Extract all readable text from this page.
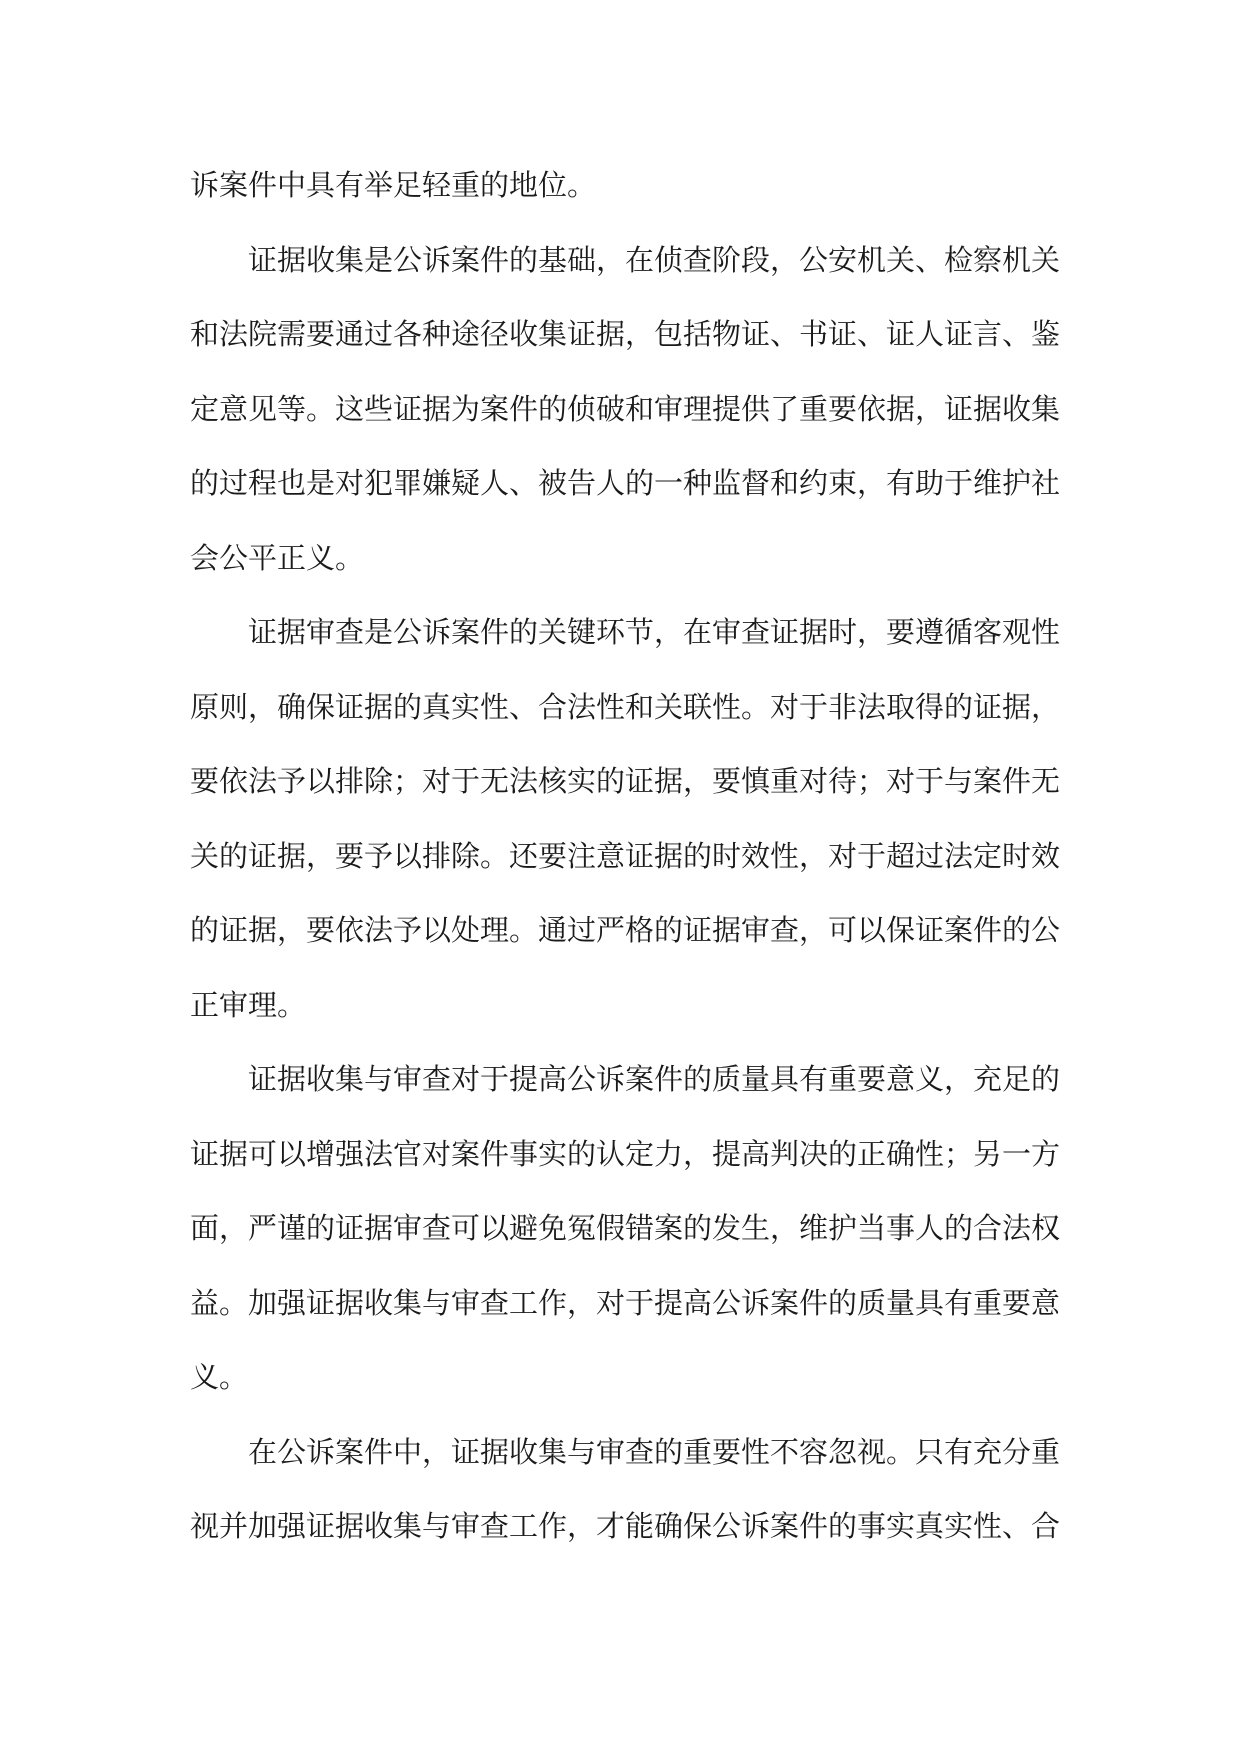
诉案件中具有举足轻重的地位。

证据收集是公诉案件的基础，在侦查阶段，公安机关、检察机关和法院需要通过各种途径收集证据，包括物证、书证、证人证言、鉴定意见等。这些证据为案件的侦破和审理提供了重要依据，证据收集的过程也是对犯罪嫌疑人、被告人的一种监督和约束，有助于维护社会公平正义。

证据审查是公诉案件的关键环节，在审查证据时，要遵循客观性原则，确保证据的真实性、合法性和关联性。对于非法取得的证据，要依法予以排除；对于无法核实的证据，要慎重对待；对于与案件无关的证据，要予以排除。还要注意证据的时效性，对于超过法定时效的证据，要依法予以处理。通过严格的证据审查，可以保证案件的公正审理。

证据收集与审查对于提高公诉案件的质量具有重要意义，充足的证据可以增强法官对案件事实的认定力，提高判决的正确性；另一方面，严谨的证据审查可以避免冤假错案的发生，维护当事人的合法权益。加强证据收集与审查工作，对于提高公诉案件的质量具有重要意义。

在公诉案件中，证据收集与审查的重要性不容忽视。只有充分重视并加强证据收集与审查工作，才能确保公诉案件的事实真实性、合
